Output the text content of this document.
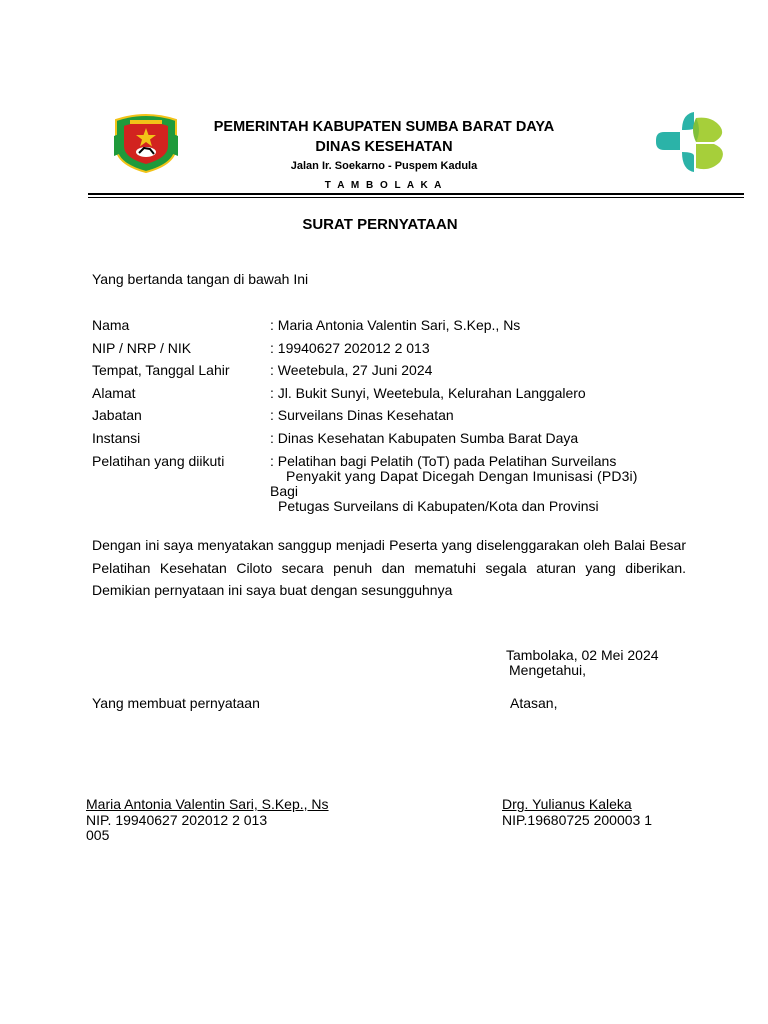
PEMERINTAH KABUPATEN SUMBA BARAT DAYA
DINAS KESEHATAN
Jalan Ir. Soekarno - Puspem Kadula
T A M B O L A K A
SURAT PERNYATAAN
Yang bertanda tangan di bawah Ini
Nama	: Maria Antonia Valentin Sari, S.Kep., Ns
NIP / NRP / NIK	: 19940627 202012 2 013
Tempat, Tanggal Lahir	: Weetebula, 27 Juni 2024
Alamat	: Jl. Bukit Sunyi, Weetebula, Kelurahan Langgalero
Jabatan	: Surveilans Dinas Kesehatan
Instansi	: Dinas Kesehatan Kabupaten Sumba Barat Daya
Pelatihan yang diikuti	: Pelatihan bagi Pelatih (ToT) pada Pelatihan Surveilans
Penyakit yang Dapat Dicegah Dengan Imunisasi (PD3i)
Bagi
Petugas Surveilans di Kabupaten/Kota dan Provinsi
Dengan ini saya menyatakan sanggup menjadi Peserta yang diselenggarakan oleh Balai Besar Pelatihan Kesehatan Ciloto secara penuh dan mematuhi segala aturan yang diberikan. Demikian pernyataan ini saya buat dengan sesungguhnya
Tambolaka, 02 Mei 2024
Mengetahui,
Yang membuat pernyataan	Atasan,
Maria Antonia Valentin Sari, S.Kep., Ns
NIP. 19940627 202012 2 013
005
Drg. Yulianus Kaleka
NIP.19680725 200003 1
